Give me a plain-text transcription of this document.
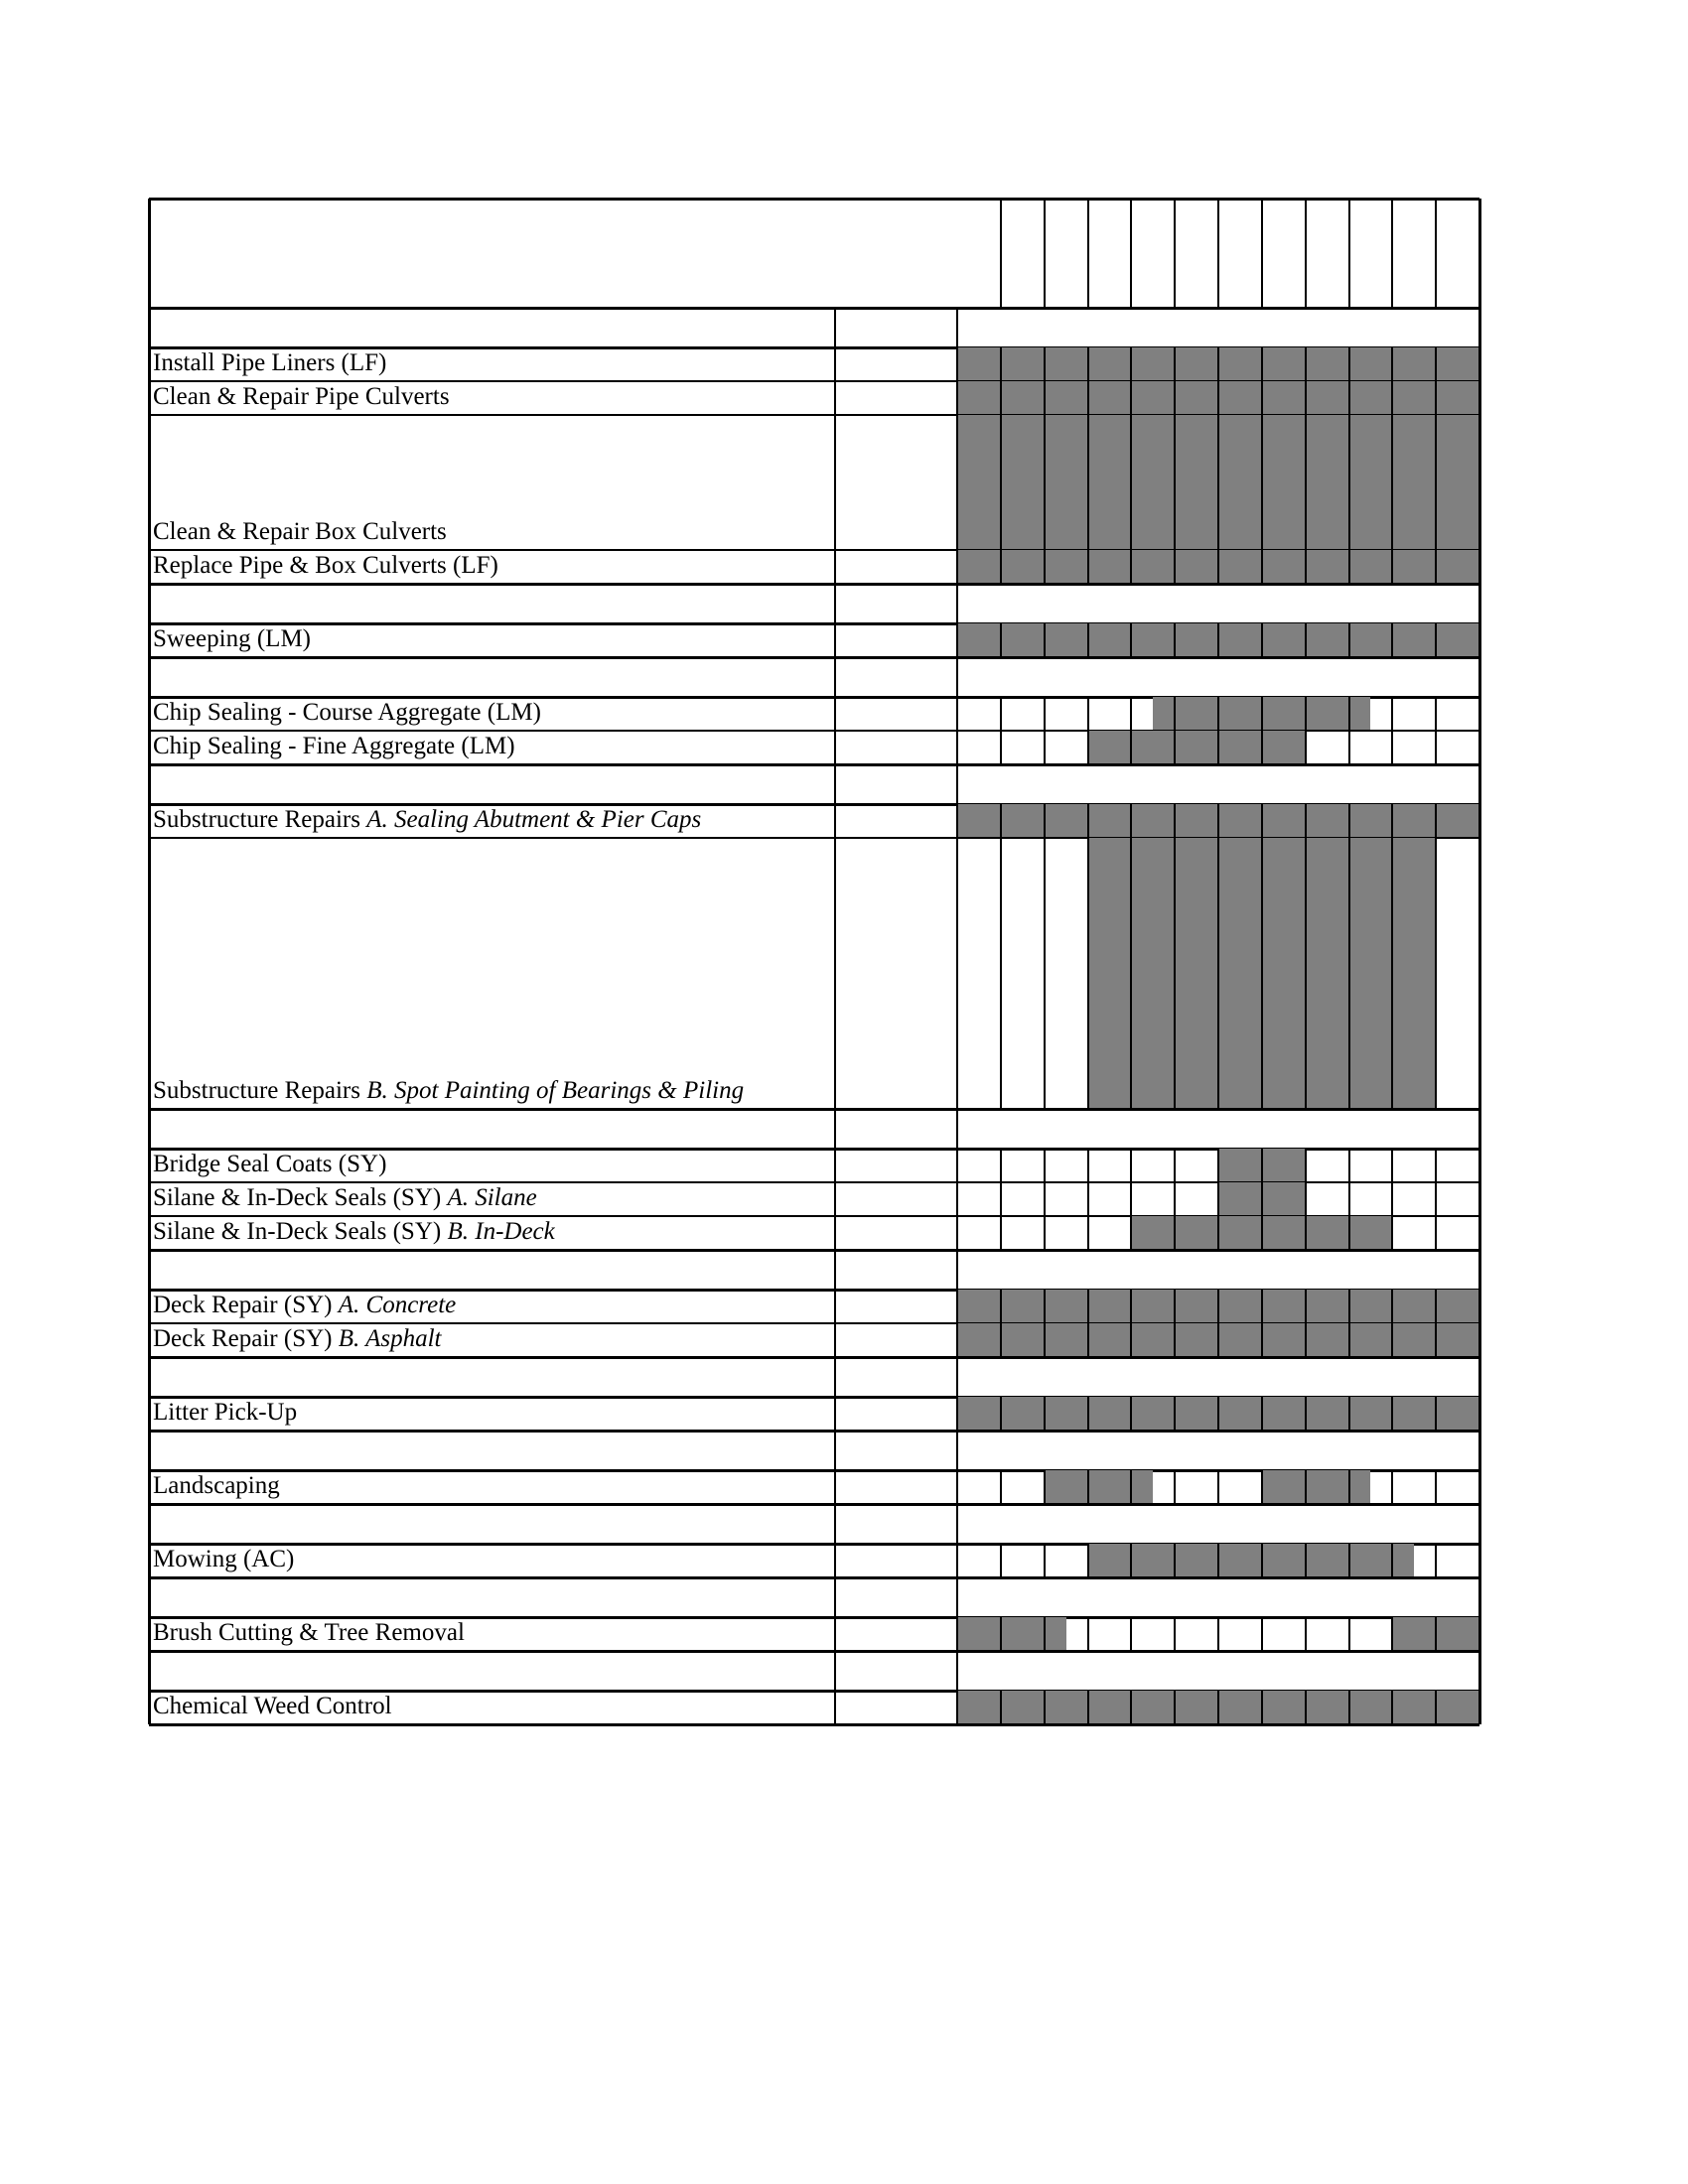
Install Pipe Liners (LF)
Clean & Repair Pipe Culverts
Clean & Repair Box Culverts
Replace Pipe & Box Culverts (LF)
Sweeping (LM)
Chip Sealing - Course Aggregate (LM)
Chip Sealing - Fine Aggregate (LM)
Substructure Repairs A. Sealing Abutment & Pier Caps
Substructure Repairs B. Spot Painting of Bearings & Piling
Bridge Seal Coats (SY)
Silane & In-Deck Seals (SY) A. Silane
Silane & In-Deck Seals (SY) B. In-Deck
Deck Repair (SY) A. Concrete
Deck Repair (SY) B. Asphalt
Litter Pick-Up
Landscaping
Mowing (AC)
Brush Cutting & Tree Removal
Chemical Weed Control
